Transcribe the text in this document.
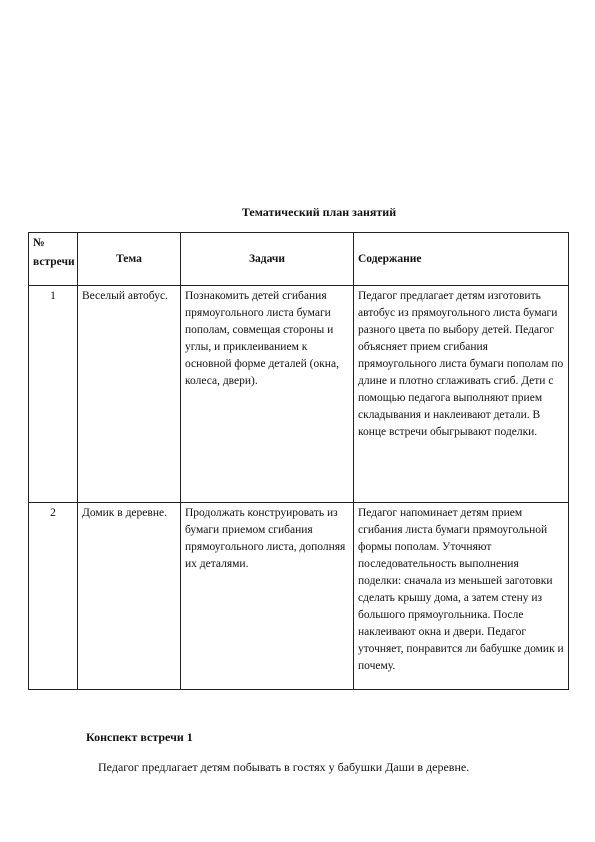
Тематический план занятий
№ встречи	Тема	Задачи	Содержание
1	Веселый автобус.	Познакомить детей сгибания прямоугольного листа бумаги пополам, совмещая стороны и углы, и приклеиванием к основной форме деталей (окна, колеса, двери).	Педагог предлагает детям изготовить автобус из прямоугольного листа бумаги разного цвета по выбору детей. Педагог объясняет прием сгибания прямоугольного листа бумаги пополам по длине и плотно сглаживать сгиб. Дети с помощью педагога выполняют прием складывания и наклеивают детали. В конце встречи обыгрывают поделки.
2	Домик в деревне.	Продолжать конструировать из бумаги приемом сгибания прямоугольного листа, дополняя их деталями.	Педагог напоминает детям прием сгибания листа бумаги прямоугольной формы пополам. Уточняют последовательность выполнения поделки: сначала из меньшей заготовки сделать крышу дома, а затем стену из большого прямоугольника. После наклеивают окна и двери. Педагог уточняет, понравится ли бабушке домик и почему.
Конспект встречи 1
Педагог предлагает детям побывать в гостях у бабушки Даши в деревне.
